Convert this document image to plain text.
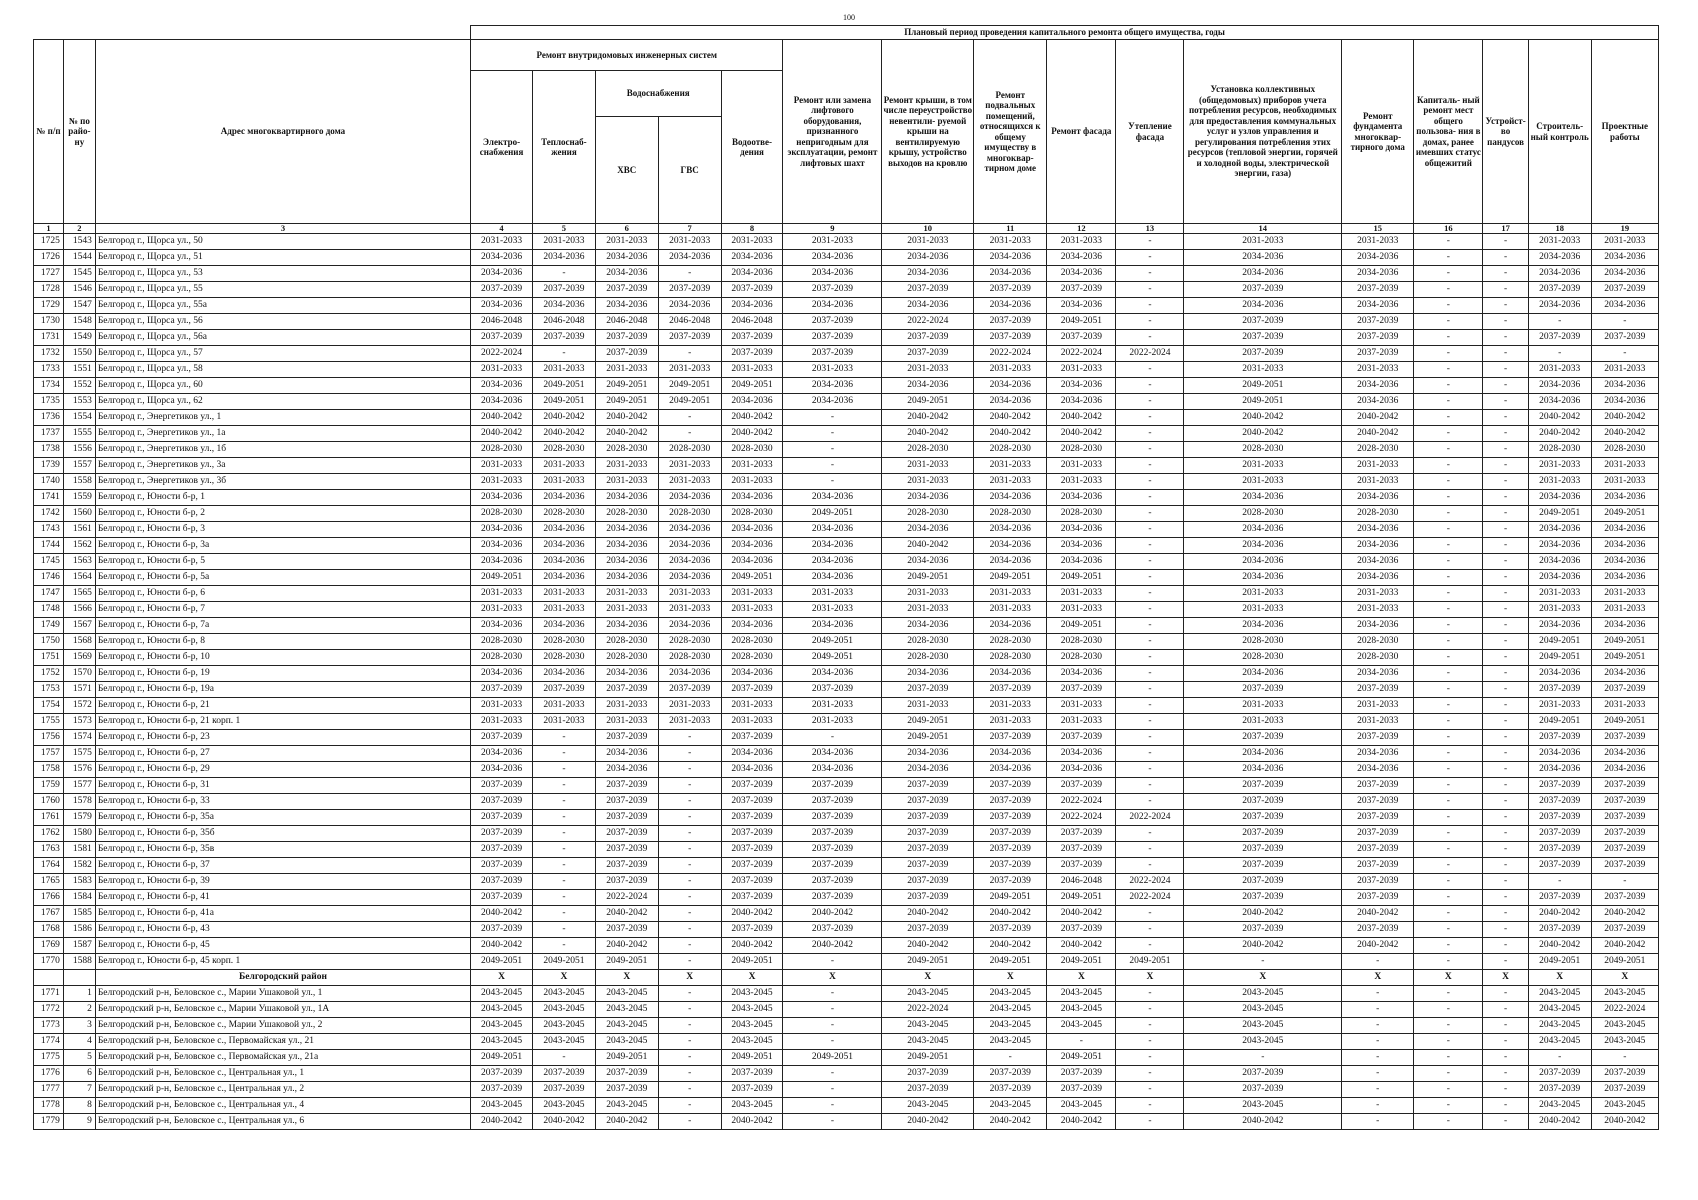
100
			Плановый период проведения капитального ремонта общего имущества, годы															
№ п/п	№ по райо- ну	Адрес многоквартирного дома	Ремонт внутридомовых инженерных систем					Ремонт или замена лифтового оборудования, признанного непригодным для эксплуатации, ремонт лифтовых шахт	Ремонт крыши, в том числе переустройство невентили- руемой крыши на вентилируемую крышу, устройство выходов на кровлю	Ремонт подвальных помещений, относящихся к общему имуществу в многоквар- тирном доме	Ремонт фасада	Утепление фасада	Установка коллективных (общедомовых) приборов учета потребления ресурсов, необходимых для предоставления коммунальных услуг и узлов управления и регулирования потребления этих ресурсов (тепловой энергии, горячей и холодной воды, электрической энергии, газа)	Ремонт фундамента многоквар- тирного дома	Капиталь- ный ремонт мест общего пользова- ния в домах, ранее имевших статус общежитий	Устройст- во пандусов	Строитель- ный контроль	Проектные работы
			Электро- снабжения	Теплоснаб- жения	Водоснабжения		Водоотве- дения											
					ХВС	ГВС												
1	2	3	4	5	6	7	8	9	10	11	12	13	14	15	16	17	18	19
1725	1543	Белгород г., Щорса ул., 50	2031-2033	2031-2033	2031-2033	2031-2033	2031-2033	2031-2033	2031-2033	2031-2033	2031-2033	-	2031-2033	2031-2033	-	-	2031-2033	2031-2033
1726	1544	Белгород г., Щорса ул., 51	2034-2036	2034-2036	2034-2036	2034-2036	2034-2036	2034-2036	2034-2036	2034-2036	2034-2036	-	2034-2036	2034-2036	-	-	2034-2036	2034-2036
1727	1545	Белгород г., Щорса ул., 53	2034-2036	-	2034-2036	-	2034-2036	2034-2036	2034-2036	2034-2036	2034-2036	-	2034-2036	2034-2036	-	-	2034-2036	2034-2036
1728	1546	Белгород г., Щорса ул., 55	2037-2039	2037-2039	2037-2039	2037-2039	2037-2039	2037-2039	2037-2039	2037-2039	2037-2039	-	2037-2039	2037-2039	-	-	2037-2039	2037-2039
1729	1547	Белгород г., Щорса ул., 55а	2034-2036	2034-2036	2034-2036	2034-2036	2034-2036	2034-2036	2034-2036	2034-2036	2034-2036	-	2034-2036	2034-2036	-	-	2034-2036	2034-2036
1730	1548	Белгород г., Щорса ул., 56	2046-2048	2046-2048	2046-2048	2046-2048	2046-2048	2037-2039	2022-2024	2037-2039	2049-2051	-	2037-2039	2037-2039	-	-	-	-
1731	1549	Белгород г., Щорса ул., 56а	2037-2039	2037-2039	2037-2039	2037-2039	2037-2039	2037-2039	2037-2039	2037-2039	2037-2039	-	2037-2039	2037-2039	-	-	2037-2039	2037-2039
1732	1550	Белгород г., Щорса ул., 57	2022-2024	-	2037-2039	-	2037-2039	2037-2039	2037-2039	2022-2024	2022-2024	2022-2024	2037-2039	2037-2039	-	-	-	-
1733	1551	Белгород г., Щорса ул., 58	2031-2033	2031-2033	2031-2033	2031-2033	2031-2033	2031-2033	2031-2033	2031-2033	2031-2033	-	2031-2033	2031-2033	-	-	2031-2033	2031-2033
1734	1552	Белгород г., Щорса ул., 60	2034-2036	2049-2051	2049-2051	2049-2051	2049-2051	2034-2036	2034-2036	2034-2036	2034-2036	-	2049-2051	2034-2036	-	-	2034-2036	2034-2036
1735	1553	Белгород г., Щорса ул., 62	2034-2036	2049-2051	2049-2051	2049-2051	2034-2036	2034-2036	2049-2051	2034-2036	2034-2036	-	2049-2051	2034-2036	-	-	2034-2036	2034-2036
1736	1554	Белгород г., Энергетиков ул., 1	2040-2042	2040-2042	2040-2042	-	2040-2042	-	2040-2042	2040-2042	2040-2042	-	2040-2042	2040-2042	-	-	2040-2042	2040-2042
1737	1555	Белгород г., Энергетиков ул., 1а	2040-2042	2040-2042	2040-2042	-	2040-2042	-	2040-2042	2040-2042	2040-2042	-	2040-2042	2040-2042	-	-	2040-2042	2040-2042
1738	1556	Белгород г., Энергетиков ул., 1б	2028-2030	2028-2030	2028-2030	2028-2030	2028-2030	-	2028-2030	2028-2030	2028-2030	-	2028-2030	2028-2030	-	-	2028-2030	2028-2030
1739	1557	Белгород г., Энергетиков ул., 3а	2031-2033	2031-2033	2031-2033	2031-2033	2031-2033	-	2031-2033	2031-2033	2031-2033	-	2031-2033	2031-2033	-	-	2031-2033	2031-2033
1740	1558	Белгород г., Энергетиков ул., 3б	2031-2033	2031-2033	2031-2033	2031-2033	2031-2033	-	2031-2033	2031-2033	2031-2033	-	2031-2033	2031-2033	-	-	2031-2033	2031-2033
1741	1559	Белгород г., Юности б-р, 1	2034-2036	2034-2036	2034-2036	2034-2036	2034-2036	2034-2036	2034-2036	2034-2036	2034-2036	-	2034-2036	2034-2036	-	-	2034-2036	2034-2036
1742	1560	Белгород г., Юности б-р, 2	2028-2030	2028-2030	2028-2030	2028-2030	2028-2030	2049-2051	2028-2030	2028-2030	2028-2030	-	2028-2030	2028-2030	-	-	2049-2051	2049-2051
1743	1561	Белгород г., Юности б-р, 3	2034-2036	2034-2036	2034-2036	2034-2036	2034-2036	2034-2036	2034-2036	2034-2036	2034-2036	-	2034-2036	2034-2036	-	-	2034-2036	2034-2036
1744	1562	Белгород г., Юности б-р, 3а	2034-2036	2034-2036	2034-2036	2034-2036	2034-2036	2034-2036	2040-2042	2034-2036	2034-2036	-	2034-2036	2034-2036	-	-	2034-2036	2034-2036
1745	1563	Белгород г., Юности б-р, 5	2034-2036	2034-2036	2034-2036	2034-2036	2034-2036	2034-2036	2034-2036	2034-2036	2034-2036	-	2034-2036	2034-2036	-	-	2034-2036	2034-2036
1746	1564	Белгород г., Юности б-р, 5а	2049-2051	2034-2036	2034-2036	2034-2036	2049-2051	2034-2036	2049-2051	2049-2051	2049-2051	-	2034-2036	2034-2036	-	-	2034-2036	2034-2036
1747	1565	Белгород г., Юности б-р, 6	2031-2033	2031-2033	2031-2033	2031-2033	2031-2033	2031-2033	2031-2033	2031-2033	2031-2033	-	2031-2033	2031-2033	-	-	2031-2033	2031-2033
1748	1566	Белгород г., Юности б-р, 7	2031-2033	2031-2033	2031-2033	2031-2033	2031-2033	2031-2033	2031-2033	2031-2033	2031-2033	-	2031-2033	2031-2033	-	-	2031-2033	2031-2033
1749	1567	Белгород г., Юности б-р, 7а	2034-2036	2034-2036	2034-2036	2034-2036	2034-2036	2034-2036	2034-2036	2034-2036	2049-2051	-	2034-2036	2034-2036	-	-	2034-2036	2034-2036
1750	1568	Белгород г., Юности б-р, 8	2028-2030	2028-2030	2028-2030	2028-2030	2028-2030	2049-2051	2028-2030	2028-2030	2028-2030	-	2028-2030	2028-2030	-	-	2049-2051	2049-2051
1751	1569	Белгород г., Юности б-р, 10	2028-2030	2028-2030	2028-2030	2028-2030	2028-2030	2049-2051	2028-2030	2028-2030	2028-2030	-	2028-2030	2028-2030	-	-	2049-2051	2049-2051
1752	1570	Белгород г., Юности б-р, 19	2034-2036	2034-2036	2034-2036	2034-2036	2034-2036	2034-2036	2034-2036	2034-2036	2034-2036	-	2034-2036	2034-2036	-	-	2034-2036	2034-2036
1753	1571	Белгород г., Юности б-р, 19а	2037-2039	2037-2039	2037-2039	2037-2039	2037-2039	2037-2039	2037-2039	2037-2039	2037-2039	-	2037-2039	2037-2039	-	-	2037-2039	2037-2039
1754	1572	Белгород г., Юности б-р, 21	2031-2033	2031-2033	2031-2033	2031-2033	2031-2033	2031-2033	2031-2033	2031-2033	2031-2033	-	2031-2033	2031-2033	-	-	2031-2033	2031-2033
1755	1573	Белгород г., Юности б-р, 21 корп. 1	2031-2033	2031-2033	2031-2033	2031-2033	2031-2033	2031-2033	2049-2051	2031-2033	2031-2033	-	2031-2033	2031-2033	-	-	2049-2051	2049-2051
1756	1574	Белгород г., Юности б-р, 23	2037-2039	-	2037-2039	-	2037-2039	-	2049-2051	2037-2039	2037-2039	-	2037-2039	2037-2039	-	-	2037-2039	2037-2039
1757	1575	Белгород г., Юности б-р, 27	2034-2036	-	2034-2036	-	2034-2036	2034-2036	2034-2036	2034-2036	2034-2036	-	2034-2036	2034-2036	-	-	2034-2036	2034-2036
1758	1576	Белгород г., Юности б-р, 29	2034-2036	-	2034-2036	-	2034-2036	2034-2036	2034-2036	2034-2036	2034-2036	-	2034-2036	2034-2036	-	-	2034-2036	2034-2036
1759	1577	Белгород г., Юности б-р, 31	2037-2039	-	2037-2039	-	2037-2039	2037-2039	2037-2039	2037-2039	2037-2039	-	2037-2039	2037-2039	-	-	2037-2039	2037-2039
1760	1578	Белгород г., Юности б-р, 33	2037-2039	-	2037-2039	-	2037-2039	2037-2039	2037-2039	2037-2039	2022-2024	-	2037-2039	2037-2039	-	-	2037-2039	2037-2039
1761	1579	Белгород г., Юности б-р, 35а	2037-2039	-	2037-2039	-	2037-2039	2037-2039	2037-2039	2037-2039	2022-2024	2022-2024	2037-2039	2037-2039	-	-	2037-2039	2037-2039
1762	1580	Белгород г., Юности б-р, 35б	2037-2039	-	2037-2039	-	2037-2039	2037-2039	2037-2039	2037-2039	2037-2039	-	2037-2039	2037-2039	-	-	2037-2039	2037-2039
1763	1581	Белгород г., Юности б-р, 35в	2037-2039	-	2037-2039	-	2037-2039	2037-2039	2037-2039	2037-2039	2037-2039	-	2037-2039	2037-2039	-	-	2037-2039	2037-2039
1764	1582	Белгород г., Юности б-р, 37	2037-2039	-	2037-2039	-	2037-2039	2037-2039	2037-2039	2037-2039	2037-2039	-	2037-2039	2037-2039	-	-	2037-2039	2037-2039
1765	1583	Белгород г., Юности б-р, 39	2037-2039	-	2037-2039	-	2037-2039	2037-2039	2037-2039	2037-2039	2046-2048	2022-2024	2037-2039	2037-2039	-	-	-	-
1766	1584	Белгород г., Юности б-р, 41	2037-2039	-	2022-2024	-	2037-2039	2037-2039	2037-2039	2049-2051	2049-2051	2022-2024	2037-2039	2037-2039	-	-	2037-2039	2037-2039
1767	1585	Белгород г., Юности б-р, 41а	2040-2042	-	2040-2042	-	2040-2042	2040-2042	2040-2042	2040-2042	2040-2042	-	2040-2042	2040-2042	-	-	2040-2042	2040-2042
1768	1586	Белгород г., Юности б-р, 43	2037-2039	-	2037-2039	-	2037-2039	2037-2039	2037-2039	2037-2039	2037-2039	-	2037-2039	2037-2039	-	-	2037-2039	2037-2039
1769	1587	Белгород г., Юности б-р, 45	2040-2042	-	2040-2042	-	2040-2042	2040-2042	2040-2042	2040-2042	2040-2042	-	2040-2042	2040-2042	-	-	2040-2042	2040-2042
1770	1588	Белгород г., Юности б-р, 45 корп. 1	2049-2051	2049-2051	2049-2051	-	2049-2051	-	2049-2051	2049-2051	2049-2051	2049-2051	-	-	-	-	2049-2051	2049-2051
		Белгородский район	X	X	X	X	X	X	X	X	X	X	X	X	X	X	X	X
1771	1	Белгородский р-н, Беловское с., Марии Ушаковой ул., 1	2043-2045	2043-2045	2043-2045	-	2043-2045	-	2043-2045	2043-2045	2043-2045	-	2043-2045	-	-	-	2043-2045	2043-2045
1772	2	Белгородский р-н, Беловское с., Марии Ушаковой ул., 1А	2043-2045	2043-2045	2043-2045	-	2043-2045	-	2022-2024	2043-2045	2043-2045	-	2043-2045	-	-	-	2043-2045	2022-2024
1773	3	Белгородский р-н, Беловское с., Марии Ушаковой ул., 2	2043-2045	2043-2045	2043-2045	-	2043-2045	-	2043-2045	2043-2045	2043-2045	-	2043-2045	-	-	-	2043-2045	2043-2045
1774	4	Белгородский р-н, Беловское с., Первомайская ул., 21	2043-2045	2043-2045	2043-2045	-	2043-2045	-	2043-2045	2043-2045	-	-	2043-2045	-	-	-	2043-2045	2043-2045
1775	5	Белгородский р-н, Беловское с., Первомайская ул., 21а	2049-2051	-	2049-2051	-	2049-2051	2049-2051	2049-2051	-	2049-2051	-	-	-	-	-	-	-
1776	6	Белгородский р-н, Беловское с., Центральная ул., 1	2037-2039	2037-2039	2037-2039	-	2037-2039	-	2037-2039	2037-2039	2037-2039	-	2037-2039	-	-	-	2037-2039	2037-2039
1777	7	Белгородский р-н, Беловское с., Центральная ул., 2	2037-2039	2037-2039	2037-2039	-	2037-2039	-	2037-2039	2037-2039	2037-2039	-	2037-2039	-	-	-	2037-2039	2037-2039
1778	8	Белгородский р-н, Беловское с., Центральная ул., 4	2043-2045	2043-2045	2043-2045	-	2043-2045	-	2043-2045	2043-2045	2043-2045	-	2043-2045	-	-	-	2043-2045	2043-2045
1779	9	Белгородский р-н, Беловское с., Центральная ул., 6	2040-2042	2040-2042	2040-2042	-	2040-2042	-	2040-2042	2040-2042	2040-2042	-	2040-2042	-	-	-	2040-2042	2040-2042
